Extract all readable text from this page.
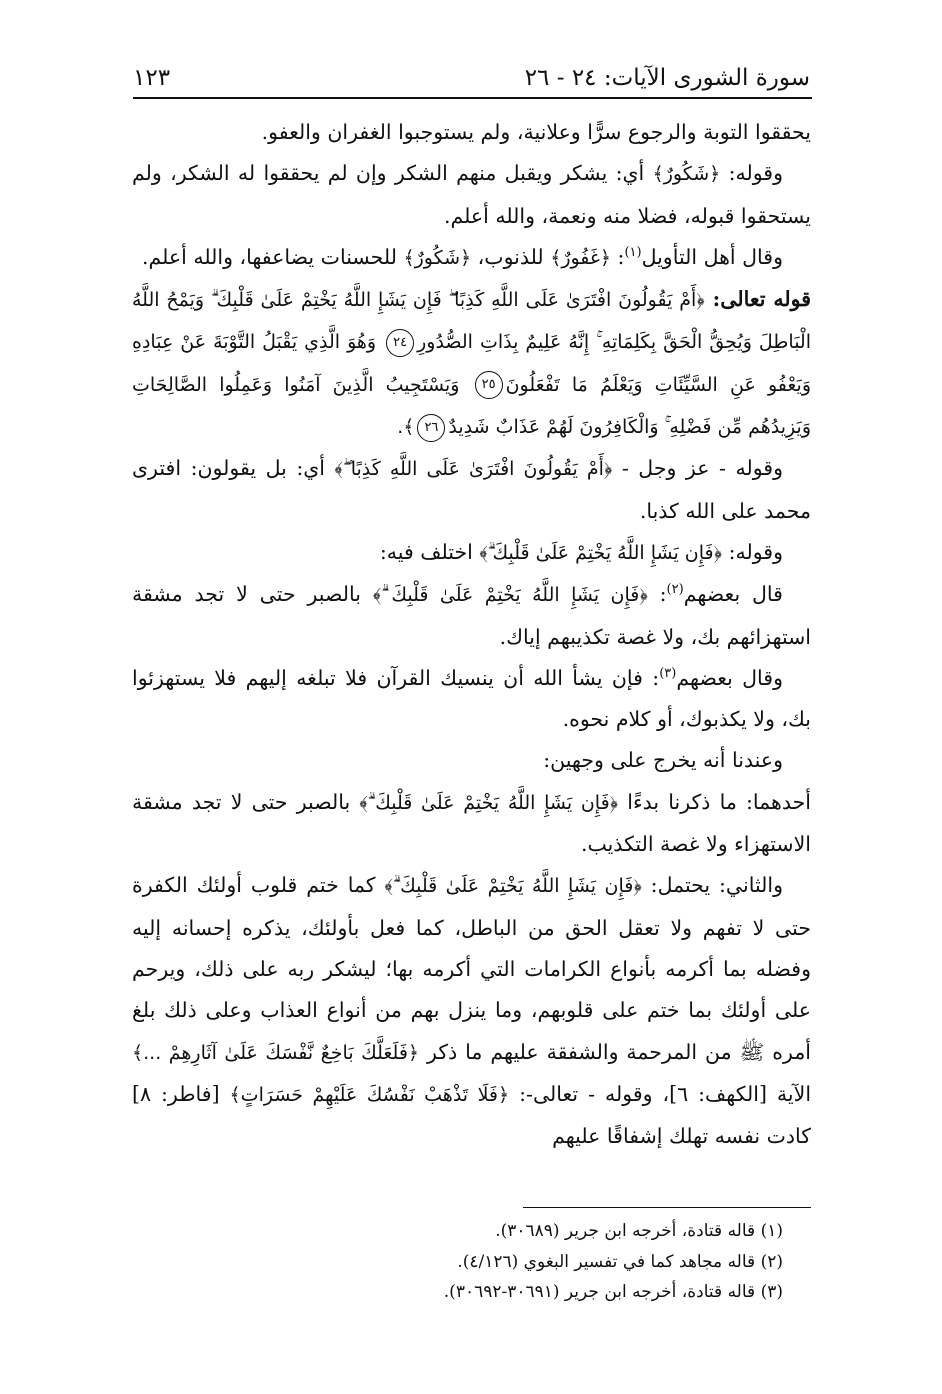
سورة الشورى الآيات: ٢٤ - ٢٦
١٢٣

يحققوا التوبة والرجوع سرًّا وعلانية، ولم يستوجبوا الغفران والعفو.

وقوله: ﴿شَكُورٌ﴾ أي: يشكر ويقبل منهم الشكر وإن لم يحققوا له الشكر، ولم يستحقوا قبوله، فضلا منه ونعمة، والله أعلم.

وقال أهل التأويل$^{(١)}$: ﴿غَفُورٌ﴾ للذنوب، ﴿شَكُورٌ﴾ للحسنات يضاعفها، والله أعلم.

قوله تعالى: ﴿أَمْ يَقُولُونَ افْتَرَىٰ عَلَى اللَّهِ كَذِبًا ۖ فَإِن يَشَإِ اللَّهُ يَخْتِمْ عَلَىٰ قَلْبِكَ ۗ وَيَمْحُ اللَّهُ الْبَاطِلَ وَيُحِقُّ الْحَقَّ بِكَلِمَاتِهِ ۚ إِنَّهُ عَلِيمٌ بِذَاتِ الصُّدُورِ٢٤ وَهُوَ الَّذِي يَقْبَلُ التَّوْبَةَ عَنْ عِبَادِهِ وَيَعْفُو عَنِ السَّيِّئَاتِ وَيَعْلَمُ مَا تَفْعَلُونَ٢٥ وَيَسْتَجِيبُ الَّذِينَ آمَنُوا وَعَمِلُوا الصَّالِحَاتِ وَيَزِيدُهُم مِّن فَضْلِهِ ۚ وَالْكَافِرُونَ لَهُمْ عَذَابٌ شَدِيدٌ٢٦﴾.

وقوله - عز وجل - ﴿أَمْ يَقُولُونَ افْتَرَىٰ عَلَى اللَّهِ كَذِبًا ۖ﴾ أي: بل يقولون: افترى محمد على الله كذبا.

وقوله: ﴿فَإِن يَشَإِ اللَّهُ يَخْتِمْ عَلَىٰ قَلْبِكَ ۗ﴾ اختلف فيه:

قال بعضهم$^{(٢)}$: ﴿فَإِن يَشَإِ اللَّهُ يَخْتِمْ عَلَىٰ قَلْبِكَ ۗ﴾ بالصبر حتى لا تجد مشقة استهزائهم بك، ولا غصة تكذيبهم إياك.

وقال بعضهم$^{(٣)}$: فإن يشأ الله أن ينسيك القرآن فلا تبلغه إليهم فلا يستهزئوا بك، ولا يكذبوك، أو كلام نحوه.

وعندنا أنه يخرج على وجهين:

أحدهما: ما ذكرنا بدءًا ﴿فَإِن يَشَإِ اللَّهُ يَخْتِمْ عَلَىٰ قَلْبِكَ ۗ﴾ بالصبر حتى لا تجد مشقة الاستهزاء ولا غصة التكذيب.

والثاني: يحتمل: ﴿فَإِن يَشَإِ اللَّهُ يَخْتِمْ عَلَىٰ قَلْبِكَ ۗ﴾ كما ختم قلوب أولئك الكفرة حتى لا تفهم ولا تعقل الحق من الباطل، كما فعل بأولئك، يذكره إحسانه إليه وفضله بما أكرمه بأنواع الكرامات التي أكرمه بها؛ ليشكر ربه على ذلك، ويرحم على أولئك بما ختم على قلوبهم، وما ينزل بهم من أنواع العذاب وعلى ذلك بلغ أمره ﷺ من المرحمة والشفقة عليهم ما ذكر ﴿فَلَعَلَّكَ بَاخِعٌ نَّفْسَكَ عَلَىٰ آثَارِهِمْ ...﴾ الآية [الكهف: ٦]، وقوله - تعالى-: ﴿فَلَا تَذْهَبْ نَفْسُكَ عَلَيْهِمْ حَسَرَاتٍ﴾ [فاطر: ٨] كادت نفسه تهلك إشفاقًا عليهم

(١) قاله قتادة، أخرجه ابن جرير (٣٠٦٨٩).

(٢) قاله مجاهد كما في تفسير البغوي (٤/١٢٦).

(٣) قاله قتادة، أخرجه ابن جرير (٣٠٦٩١-٣٠٦٩٢).
